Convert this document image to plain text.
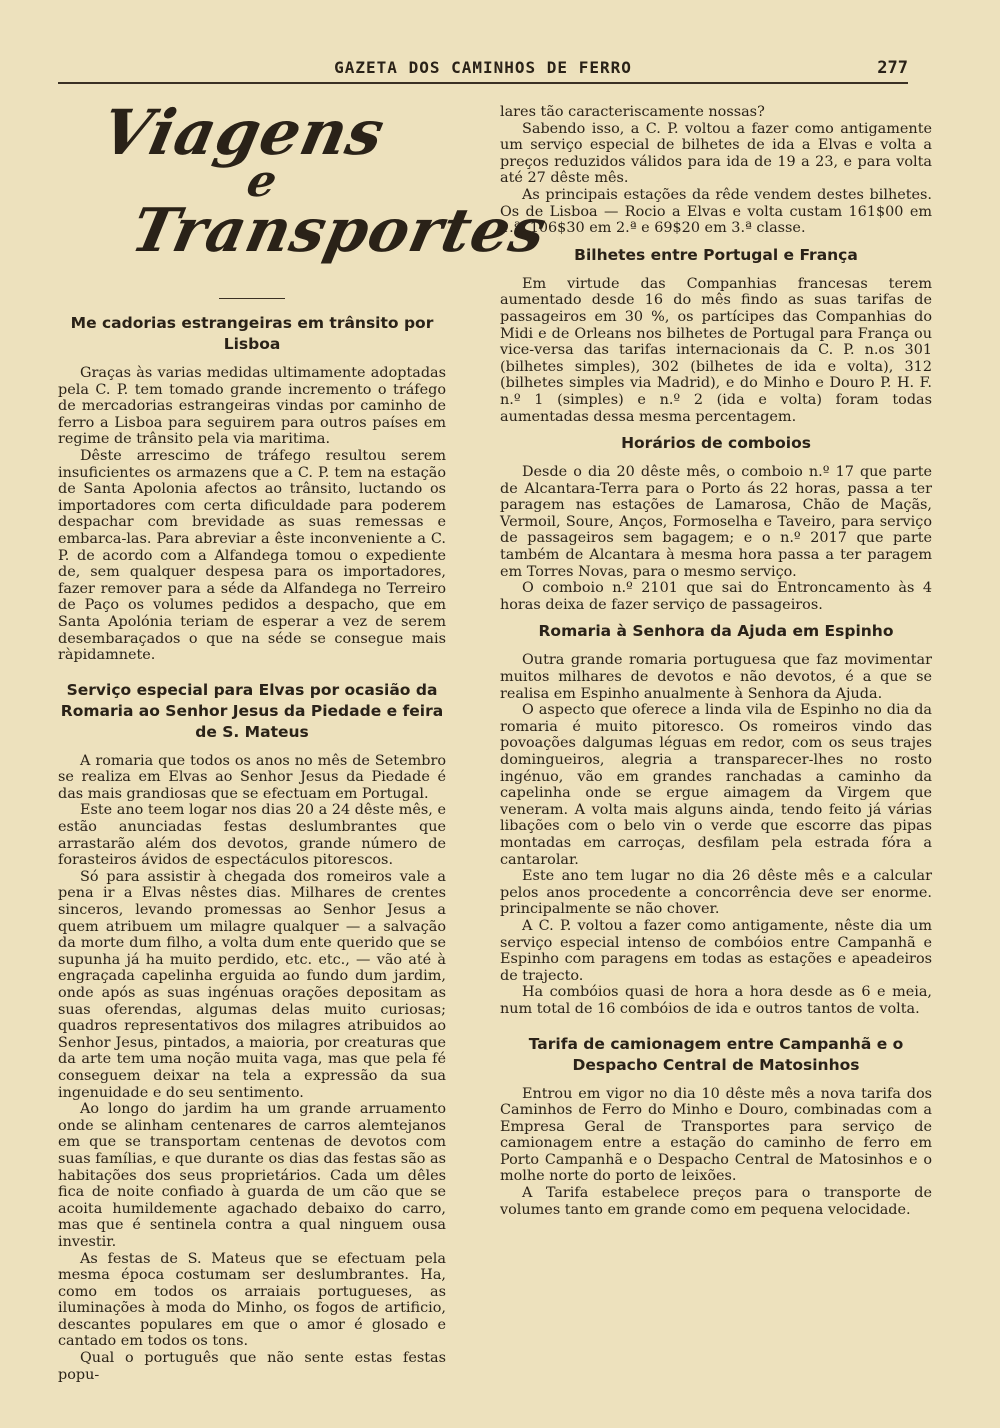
GAZETA DOS CAMINHOS DE FERRO	277
Viagens
e
Transportes
Me cadorias estrangeiras em trânsito por Lisboa

Graças às varias medidas ultimamente adoptadas pela C. P. tem tomado grande incremento o tráfego de mercadorias estrangeiras vindas por caminho de ferro a Lisboa para seguirem para outros países em regime de trânsito pela via maritima.

Dêste arrescimo de tráfego resultou serem insuficientes os armazens que a C. P. tem na estação de Santa Apolonia afectos ao trânsito, luctando os importadores com certa dificuldade para poderem despachar com brevidade as suas remessas e embarca-las. Para abreviar a êste inconveniente a C. P. de acordo com a Alfandega tomou o expediente de, sem qualquer despesa para os importadores, fazer remover para a séde da Alfandega no Terreiro de Paço os volumes pedidos a despacho, que em Santa Apolónia teriam de esperar a vez de serem desembaraçados o que na séde se consegue mais ràpidamnete.

Serviço especial para Elvas por ocasião da Romaria ao Senhor Jesus da Piedade e feira de S. Mateus

A romaria que todos os anos no mês de Setembro se realiza em Elvas ao Senhor Jesus da Piedade é das mais grandiosas que se efectuam em Portugal.

Este ano teem logar nos dias 20 a 24 dêste mês, e estão anunciadas festas deslumbrantes que arrastarão além dos devotos, grande número de forasteiros ávidos de espectáculos pitorescos.

Só para assistir à chegada dos romeiros vale a pena ir a Elvas nêstes dias. Milhares de crentes sinceros, levando promessas ao Senhor Jesus a quem atribuem um milagre qualquer — a salvação da morte dum filho, a volta dum ente querido que se supunha já ha muito perdido, etc. etc., — vão até à engraçada capelinha erguida ao fundo dum jardim, onde após as suas ingénuas orações depositam as suas oferendas, algumas delas muito curiosas; quadros representativos dos milagres atribuidos ao Senhor Jesus, pintados, a maioria, por creaturas que da arte tem uma noção muita vaga, mas que pela fé conseguem deixar na tela a expressão da sua ingenuidade e do seu sentimento.

Ao longo do jardim ha um grande arruamento onde se alinham centenares de carros alemtejanos em que se transportam centenas de devotos com suas famílias, e que durante os dias das festas são as habitações dos seus proprietários. Cada um dêles fica de noite confiado à guarda de um cão que se acoita humildemente agachado debaixo do carro, mas que é sentinela contra a qual ninguem ousa investir.

As festas de S. Mateus que se efectuam pela mesma época costumam ser deslumbrantes. Ha, como em todos os arraiais portugueses, as iluminações à moda do Minho, os fogos de artificio, descantes populares em que o amor é glosado e cantado em todos os tons.

Qual o português que não sente estas festas popu-

lares tão caracteriscamente nossas?

Sabendo isso, a C. P. voltou a fazer como antigamente um serviço especial de bilhetes de ida a Elvas e volta a preços reduzidos válidos para ida de 19 a 23, e para volta até 27 dêste mês.

As principais estações da rêde vendem destes bilhetes. Os de Lisboa — Rocio a Elvas e volta custam 161$00 em 1.ª, 106$30 em 2.ª e 69$20 em 3.ª classe.

Bilhetes entre Portugal e França

Em virtude das Companhias francesas terem aumentado desde 16 do mês findo as suas tarifas de passageiros em 30 %, os partícipes das Companhias do Midi e de Orleans nos bilhetes de Portugal para França ou vice-versa das tarifas internacionais da C. P. n.os 301 (bilhetes simples), 302 (bilhetes de ida e volta), 312 (bilhetes simples via Madrid), e do Minho e Douro P. H. F. n.º 1 (simples) e n.º 2 (ida e volta) foram todas aumentadas dessa mesma percentagem.

Horários de comboios

Desde o dia 20 dêste mês, o comboio n.º 17 que parte de Alcantara-Terra para o Porto ás 22 horas, passa a ter paragem nas estações de Lamarosa, Chão de Maçãs, Vermoil, Soure, Anços, Formoselha e Taveiro, para serviço de passageiros sem bagagem; e o n.º 2017 que parte também de Alcantara à mesma hora passa a ter paragem em Torres Novas, para o mesmo serviço.

O comboio n.º 2101 que sai do Entroncamento às 4 horas deixa de fazer serviço de passageiros.

Romaria à Senhora da Ajuda em Espinho

Outra grande romaria portuguesa que faz movimentar muitos milhares de devotos e não devotos, é a que se realisa em Espinho anualmente à Senhora da Ajuda.

O aspecto que oferece a linda vila de Espinho no dia da romaria é muito pitoresco. Os romeiros vindo das povoações dalgumas léguas em redor, com os seus trajes domingueiros, alegria a transparecer-lhes no rosto ingénuo, vão em grandes ranchadas a caminho da capelinha onde se ergue aimagem da Virgem que veneram. A volta mais alguns ainda, tendo feito já várias libações com o belo vin o verde que escorre das pipas montadas em carroças, desfilam pela estrada fóra a cantarolar.

Este ano tem lugar no dia 26 dêste mês e a calcular pelos anos procedente a concorrência deve ser enorme. principalmente se não chover.

A C. P. voltou a fazer como antigamente, nêste dia um serviço especial intenso de combóios entre Campanhã e Espinho com paragens em todas as estações e apeadeiros de trajecto.

Ha combóios quasi de hora a hora desde as 6 e meia, num total de 16 combóios de ida e outros tantos de volta.

Tarifa de camionagem entre Campanhã e o Despacho Central de Matosinhos

Entrou em vigor no dia 10 dêste mês a nova tarifa dos Caminhos de Ferro do Minho e Douro, combinadas com a Empresa Geral de Transportes para serviço de camionagem entre a estação do caminho de ferro em Porto Campanhã e o Despacho Central de Matosinhos e o molhe norte do porto de leixões.

A Tarifa estabelece preços para o transporte de volumes tanto em grande como em pequena velocidade.
